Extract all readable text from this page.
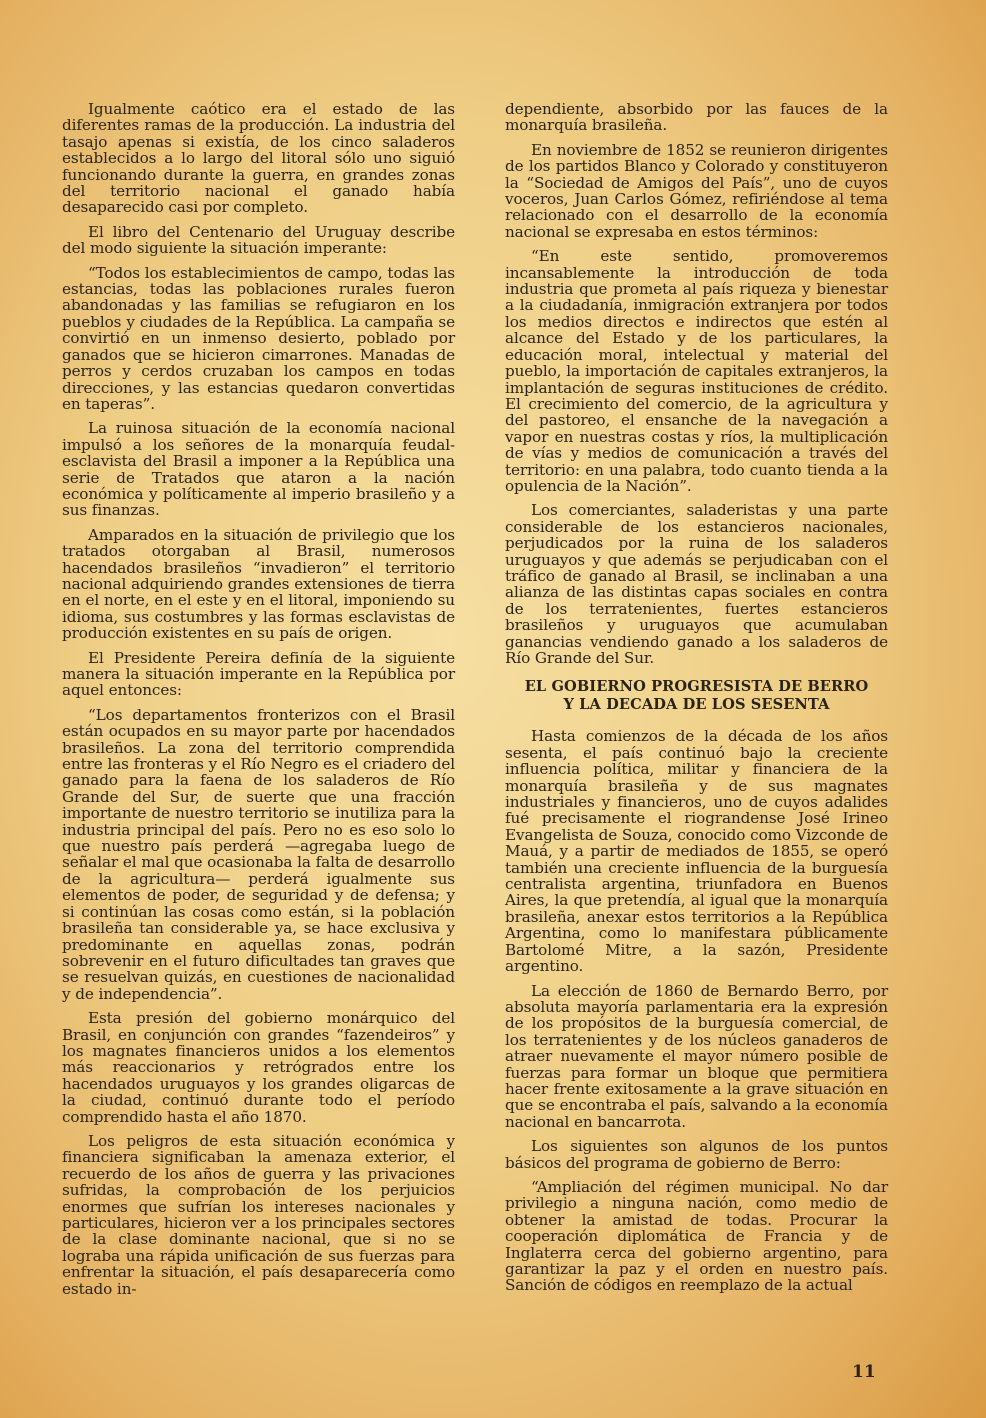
Igualmente caótico era el estado de las diferentes ramas de la producción. La industria del tasajo apenas si existía, de los cinco saladeros establecidos a lo largo del litoral sólo uno siguió funcionando durante la guerra, en grandes zonas del territorio nacional el ganado había desaparecido casi por completo.

El libro del Centenario del Uruguay describe del modo siguiente la situación imperante:

“Todos los establecimientos de campo, todas las estancias, todas las poblaciones rurales fueron abandonadas y las familias se refugiaron en los pueblos y ciudades de la República. La campaña se convirtió en un inmenso desierto, poblado por ganados que se hicieron cimarrones. Manadas de perros y cerdos cruzaban los campos en todas direcciones, y las estancias quedaron convertidas en taperas”.

La ruinosa situación de la economía nacional impulsó a los señores de la monarquía feudal-esclavista del Brasil a imponer a la República una serie de Tratados que ataron a la nación económica y políticamente al imperio brasileño y a sus finanzas.

Amparados en la situación de privilegio que los tratados otorgaban al Brasil, numerosos hacendados brasileños “invadieron” el territorio nacional adquiriendo grandes extensiones de tierra en el norte, en el este y en el litoral, imponiendo su idioma, sus costumbres y las formas esclavistas de producción existentes en su país de origen.

El Presidente Pereira definía de la siguiente manera la situación imperante en la República por aquel entonces:

“Los departamentos fronterizos con el Brasil están ocupados en su mayor parte por hacendados brasileños. La zona del territorio comprendida entre las fronteras y el Río Negro es el criadero del ganado para la faena de los saladeros de Río Grande del Sur, de suerte que una fracción importante de nuestro territorio se inutiliza para la industria principal del país. Pero no es eso solo lo que nuestro país perderá —agregaba luego de señalar el mal que ocasionaba la falta de desarrollo de la agricultura— perderá igualmente sus elementos de poder, de seguridad y de defensa; y si continúan las cosas como están, si la población brasileña tan considerable ya, se hace exclusiva y predominante en aquellas zonas, podrán sobrevenir en el futuro dificultades tan graves que se resuelvan quizás, en cuestiones de nacionalidad y de independencia”.

Esta presión del gobierno monárquico del Brasil, en conjunción con grandes “fazendeiros” y los magnates financieros unidos a los elementos más reaccionarios y retrógrados entre los hacendados uruguayos y los grandes oligarcas de la ciudad, continuó durante todo el período comprendido hasta el año 1870.

Los peligros de esta situación económica y financiera significaban la amenaza exterior, el recuerdo de los años de guerra y las privaciones sufridas, la comprobación de los perjuicios enormes que sufrían los intereses nacionales y particulares, hicieron ver a los principales sectores de la clase dominante nacional, que si no se lograba una rápida unificación de sus fuerzas para enfrentar la situación, el país desaparecería como estado in-

dependiente, absorbido por las fauces de la monarquía brasileña.

En noviembre de 1852 se reunieron dirigentes de los partidos Blanco y Colorado y constituyeron la “Sociedad de Amigos del País”, uno de cuyos voceros, Juan Carlos Gómez, refiriéndose al tema relacionado con el desarrollo de la economía nacional se expresaba en estos términos:

“En este sentido, promoveremos incansablemente la introducción de toda industria que prometa al país riqueza y bienestar a la ciudadanía, inmigración extranjera por todos los medios directos e indirectos que estén al alcance del Estado y de los particulares, la educación moral, intelectual y material del pueblo, la importación de capitales extranjeros, la implantación de seguras instituciones de crédito. El crecimiento del comercio, de la agricultura y del pastoreo, el ensanche de la navegación a vapor en nuestras costas y ríos, la multiplicación de vías y medios de comunicación a través del territorio: en una palabra, todo cuanto tienda a la opulencia de la Nación”.

Los comerciantes, saladeristas y una parte considerable de los estancieros nacionales, perjudicados por la ruina de los saladeros uruguayos y que además se perjudicaban con el tráfico de ganado al Brasil, se inclinaban a una alianza de las distintas capas sociales en contra de los terratenientes, fuertes estancieros brasileños y uruguayos que acumulaban ganancias vendiendo ganado a los saladeros de Río Grande del Sur.

EL GOBIERNO PROGRESISTA DE BERRO
Y LA DECADA DE LOS SESENTA

Hasta comienzos de la década de los años sesenta, el país continuó bajo la creciente influencia política, militar y financiera de la monarquía brasileña y de sus magnates industriales y financieros, uno de cuyos adalides fué precisamente el riograndense José Irineo Evangelista de Souza, conocido como Vizconde de Mauá, y a partir de mediados de 1855, se operó también una creciente influencia de la burguesía centralista argentina, triunfadora en Buenos Aires, la que pretendía, al igual que la monarquía brasileña, anexar estos territorios a la República Argentina, como lo manifestara públicamente Bartolomé Mitre, a la sazón, Presidente argentino.

La elección de 1860 de Bernardo Berro, por absoluta mayoría parlamentaria era la expresión de los propósitos de la burguesía comercial, de los terratenientes y de los núcleos ganaderos de atraer nuevamente el mayor número posible de fuerzas para formar un bloque que permitiera hacer frente exitosamente a la grave situación en que se encontraba el país, salvando a la economía nacional en bancarrota.

Los siguientes son algunos de los puntos básicos del programa de gobierno de Berro:

“Ampliación del régimen municipal. No dar privilegio a ninguna nación, como medio de obtener la amistad de todas. Procurar la cooperación diplomática de Francia y de Inglaterra cerca del gobierno argentino, para garantizar la paz y el orden en nuestro país. Sanción de códigos en reemplazo de la actual

11
